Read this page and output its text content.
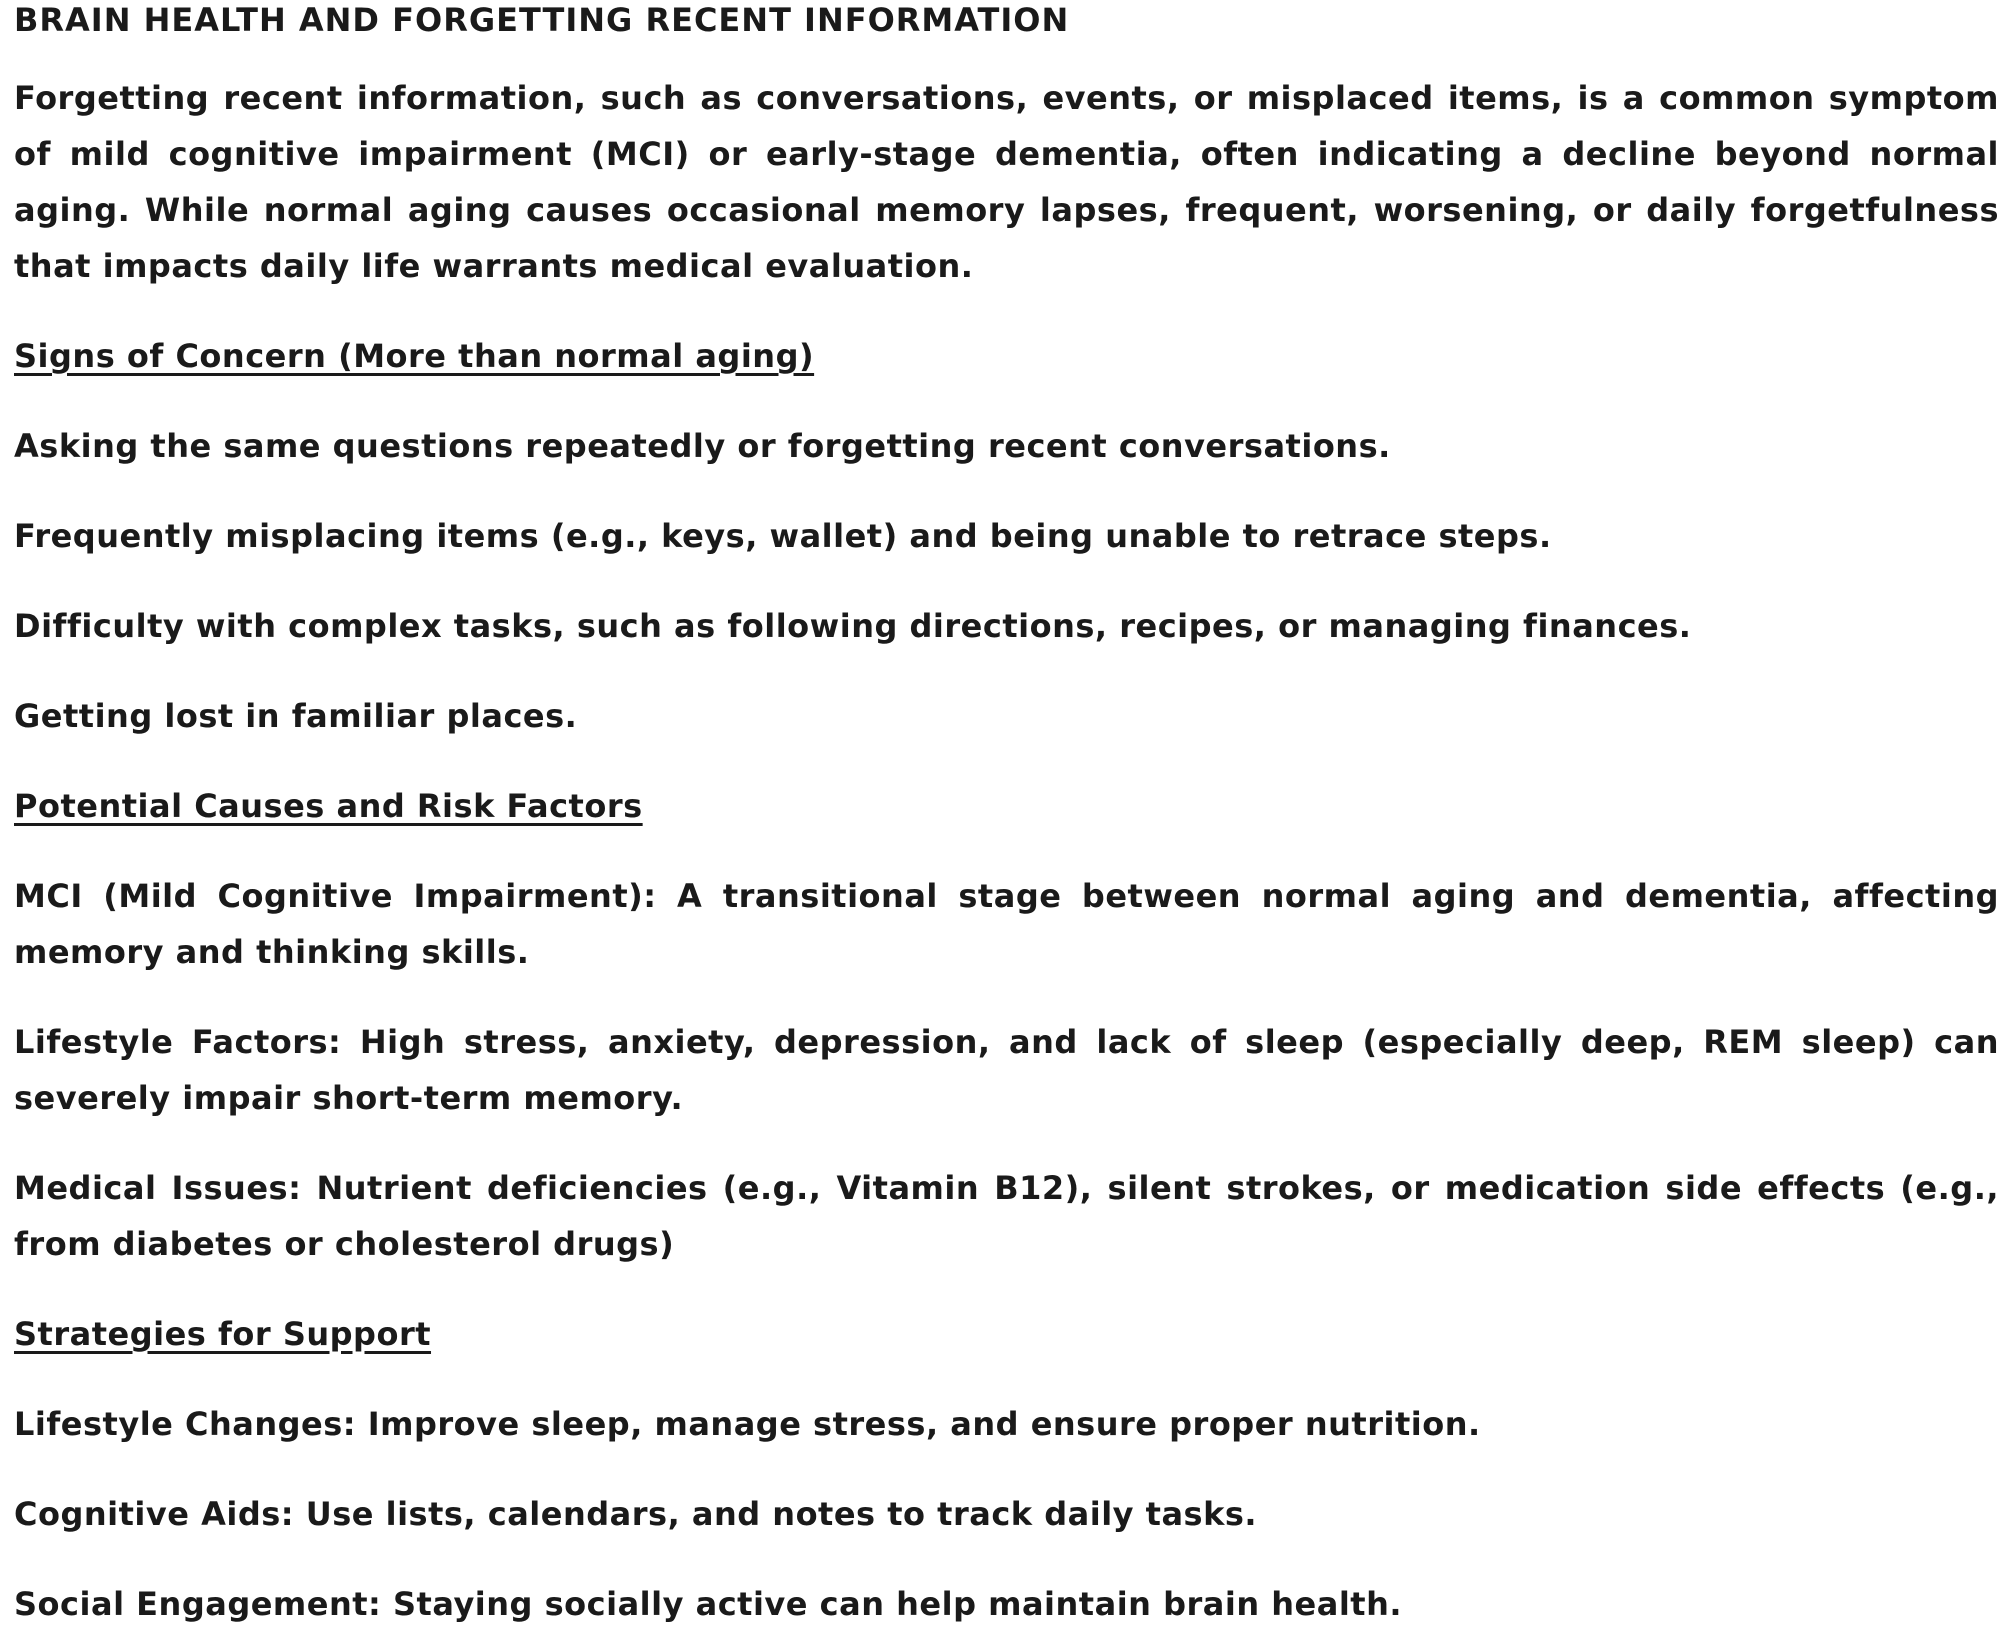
BRAIN HEALTH AND FORGETTING RECENT INFORMATION

Forgetting recent information, such as conversations, events, or misplaced items, is a common symptom of mild cognitive impairment (MCI) or early-stage dementia, often indicating a decline beyond normal aging. While normal aging causes occasional memory lapses, frequent, worsening, or daily forgetfulness that impacts daily life warrants medical evaluation.

Signs of Concern (More than normal aging)

Asking the same questions repeatedly or forgetting recent conversations.

Frequently misplacing items (e.g., keys, wallet) and being unable to retrace steps.

Difficulty with complex tasks, such as following directions, recipes, or managing finances.

Getting lost in familiar places.

Potential Causes and Risk Factors

MCI (Mild Cognitive Impairment): A transitional stage between normal aging and dementia, affecting memory and thinking skills.

Lifestyle Factors: High stress, anxiety, depression, and lack of sleep (especially deep, REM sleep) can severely impair short-term memory.

Medical Issues: Nutrient deficiencies (e.g., Vitamin B12), silent strokes, or medication side effects (e.g., from diabetes or cholesterol drugs)

Strategies for Support

Lifestyle Changes: Improve sleep, manage stress, and ensure proper nutrition.

Cognitive Aids: Use lists, calendars, and notes to track daily tasks.

Social Engagement: Staying socially active can help maintain brain health.
